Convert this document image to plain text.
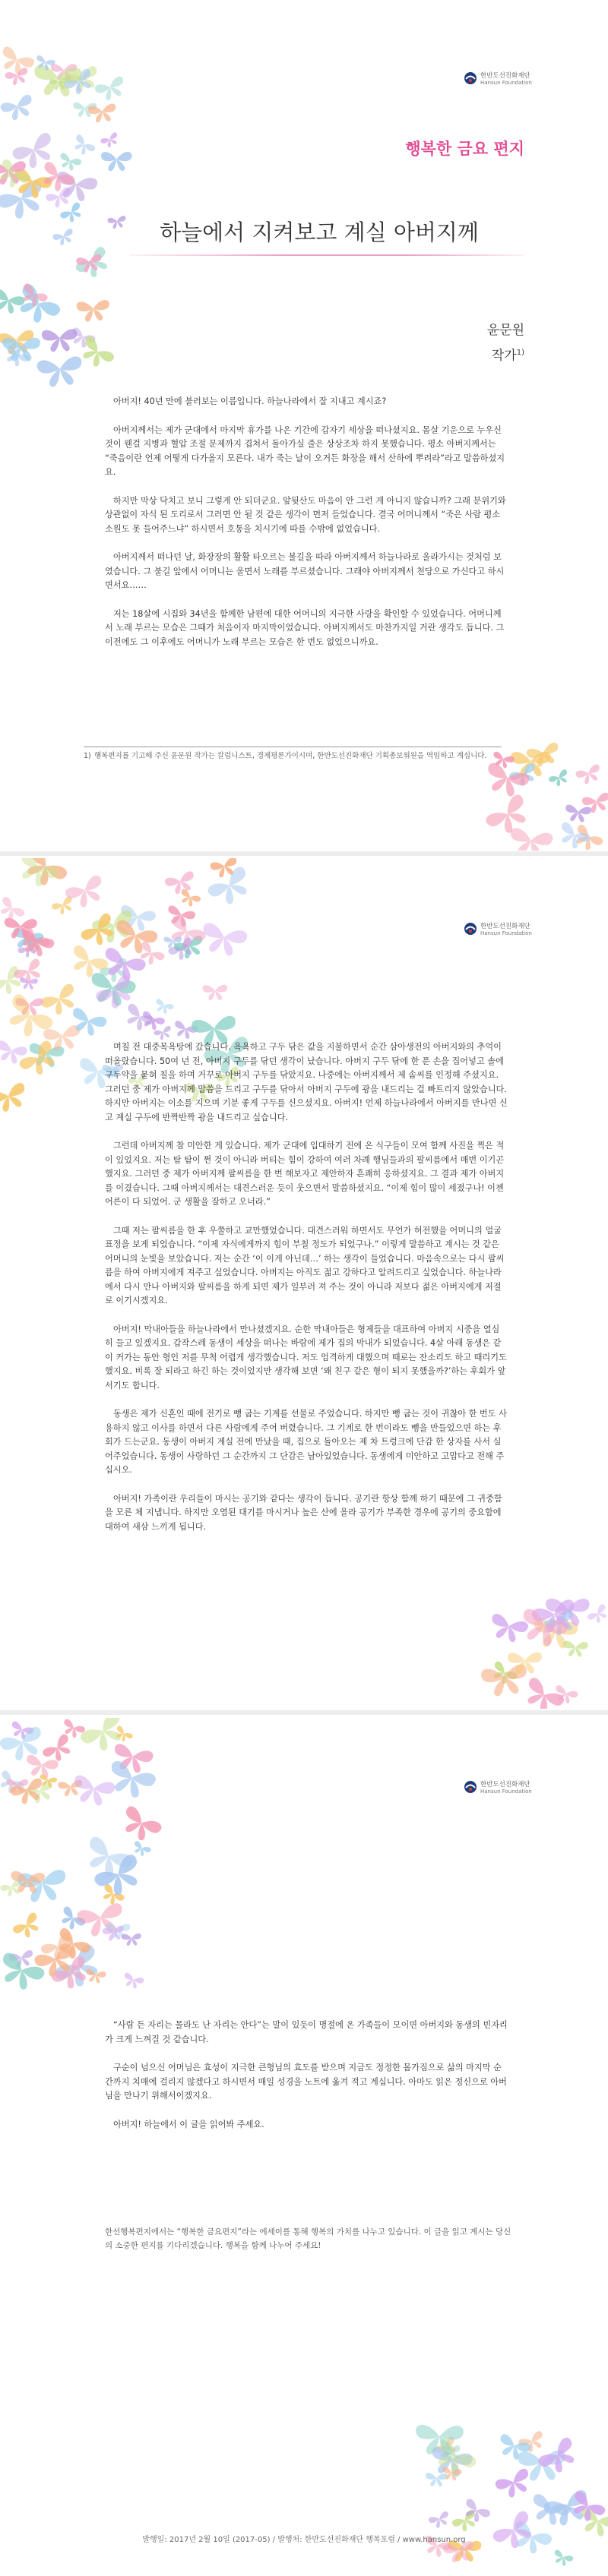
한반도선진화재단
Hansun Foundation
행복한 금요 편지
하늘에서 지켜보고 계실 아버지께
윤문원
작가$^{1)}$

아버지! 40년 만에 불러보는 이름입니다. 하늘나라에서 잘 지내고 계시죠?

아버지께서는 제가 군대에서 마지막 휴가를 나온 기간에 갑자기 세상을 떠나셨지요. 몸살 기운으로 누우신 것이 웬걸 지병과 혈압 조절 문제까지 겹쳐서 돌아가실 줄은 상상조차 하지 못했습니다. 평소 아버지께서는 “죽음이란 언제 어떻게 다가올지 모른다. 내가 죽는 날이 오거든 화장을 해서 산하에 뿌려라”라고 말씀하셨지요.

하지만 막상 닥치고 보니 그렇게 안 되더군요. 앞뒷산도 마음이 안 그런 게 아니지 않습니까? 그래 분위기와 상관없이 자식 된 도리로서 그러면 안 될 것 같은 생각이 먼저 들었습니다. 결국 어머니께서 “죽은 사람 평소 소원도 못 들어주느냐” 하시면서 호통을 치시기에 따를 수밖에 없었습니다.

아버지께서 떠나던 날, 화장장의 활활 타오르는 불길을 따라 아버지께서 하늘나라로 올라가시는 것처럼 보였습니다. 그 불길 앞에서 어머니는 울면서 노래를 부르셨습니다. 그래야 아버지께서 천당으로 가신다고 하시면서요……

저는 18살에 시집와 34년을 함께한 남편에 대한 어머니의 지극한 사랑을 확인할 수 있었습니다. 어머니께서 노래 부르는 모습은 그때가 처음이자 마지막이었습니다. 아버지께서도 마찬가지일 거란 생각도 듭니다. 그 이전에도 그 이후에도 어머니가 노래 부르는 모습은 한 번도 없었으니까요.

1) 행복편지를 기고해 주신 윤문원 작가는 칼럼니스트, 경제평론가이시며, 한반도선진화재단 기획총보위원을 역임하고 계십니다.
한반도선진화재단
Hansun Foundation

며칠 전 대중목욕탕에 갔습니다. 욕욕하고 구두 닦은 값을 지불하면서 순간 삼아생전의 아버지와의 추억이 떠올랐습니다. 50여 년 전, 아버지 구두를 닦던 생각이 났습니다. 아버지 구두 닦에 한 푼 손을 집어넣고 솔에 구두약을 묻혀 칠을 하며 거꾸로 아버지 구두를 닦았지요. 나중에는 아버지께서 제 솜씨를 인정해 주셨지요. 그러던 중 제가 아버지께 말씀을 드리고 구두를 닦아서 아버지 구두에 광을 내드리는 걸 빠트리지 않았습니다. 하지만 아버지는 이소를 지으며 기분 좋게 구두를 신으셨지요. 아버지! 언제 하늘나라에서 아버지를 만나면 신고 계실 구두에 반짝반짝 광을 내드리고 싶습니다.

그런데 아버지께 참 미안한 게 있습니다. 제가 군대에 입대하기 전에 온 식구들이 모여 함께 사진을 찍은 적이 있었지요. 저는 탐 탐이 쩐 것이 아니라 버티는 힘이 강하여 여러 차례 행님들과의 팔씨름에서 매번 이기곤 했지요. 그러던 중 제가 아버지께 팔씨름을 한 번 해보자고 제안하자 흔쾌히 응하셨지요. 그 결과 제가 아버지를 이겼습니다. 그때 아버지께서는 대견스러운 듯이 웃으면서 말씀하셨지요. “이제 힘이 많이 세졌구나! 이젠 어른이 다 되었어. 군 생활을 잘하고 오너라.”

그때 저는 팔씨름을 한 후 우쭐하고 교만했었습니다. 대견스러워 하면서도 무언가 허전했을 어머니의 얼굴 표정을 보게 되었습니다. “이제 자식에게까지 힘이 부칠 정도가 되었구나.” 이렇게 말씀하고 계시는 것 같은 어머니의 눈빛을 보았습니다. 저는 순간 ‘이 이게 아닌데…’ 하는 생각이 들었습니다. 마음속으로는 다시 팔씨름을 하여 아버지에게 져주고 싶었습니다. 아버지는 아직도 젊고 강하다고 알려드리고 싶었습니다. 하늘나라에서 다시 만나 아버지와 팔씨름을 하게 되면 제가 일부러 져 주는 것이 아니라 저보다 젊은 아버지에게 저절로 이기시겠지요.

아버지! 막내아들을 하늘나라에서 만나셨겠지요. 순한 막내아들은 형제들을 대표하여 아버지 시중을 열심히 들고 있겠지요. 갑작스레 동생이 세상을 떠나는 바람에 제가 집의 막내가 되었습니다. 4살 아래 동생은 같이 커가는 동안 형인 저를 무척 어렵게 생각했습니다. 저도 엄격하게 대했으며 때로는 잔소리도 하고 때리기도 했지요. 비록 잘 되라고 하긴 하는 것이었지만 생각해 보면 ‘왜 친구 같은 형이 되지 못했을까?’하는 후회가 앞서기도 합니다.

동생은 제가 신혼인 때에 전기로 뺑 굽는 기계를 선물로 주었습니다. 하지만 뺑 굽는 것이 귀찮아 한 번도 사용하지 않고 이사를 하면서 다른 사람에게 주어 버렸습니다. 그 기계로 한 번이라도 뺑을 만들었으면 하는 후회가 드는군요. 동생이 아버지 계실 전에 만났을 때, 집으로 돌아오는 제 차 트렁크에 단감 한 상자를 사서 실어주었습니다. 동생이 사랑하던 그 순간까지 그 단감은 남아있었습니다. 동생에게 미안하고 고맙다고 전해 주십시오.

아버지! 가족이란 우리들이 마시는 공기와 같다는 생각이 듭니다. 공기란 항상 함께 하기 때문에 그 귀중함을 모른 체 지냅니다. 하지만 오염된 대기를 마시거나 높은 산에 올라 공기가 부족한 경우에 공기의 중요함에 대하여 새삼 느끼게 됩니다.

한반도선진화재단
Hansun Foundation

“사람 든 자리는 몰라도 난 자리는 안다”는 말이 있듯이 명절에 온 가족들이 모이면 아버지와 동생의 빈자리가 크게 느껴질 것 같습니다.

구순이 넘으신 어머님은 효성이 지극한 큰형님의 효도를 받으며 지금도 정정한 몸가짐으로 삶의 마지막 순간까지 치매에 걸리지 않겠다고 하시면서 매일 성경을 노트에 옮겨 적고 계십니다. 아마도 읽은 정신으로 아버님을 만나기 위해서이겠지요.

아버지! 하늘에서 이 글을 읽어봐 주세요.

한선행복편지에서는 “행복한 금요편지”라는 에세이를 통해 행복의 가치를 나누고 있습니다. 이 글을 읽고 계시는 당신의 소중한 편지를 기다리겠습니다. 행복을 함께 나누어 주세요!
발행일: 2017년 2월 10일 (2017-05) / 발행처: 한반도선진화재단 행복포럼 / www.hansun.org
